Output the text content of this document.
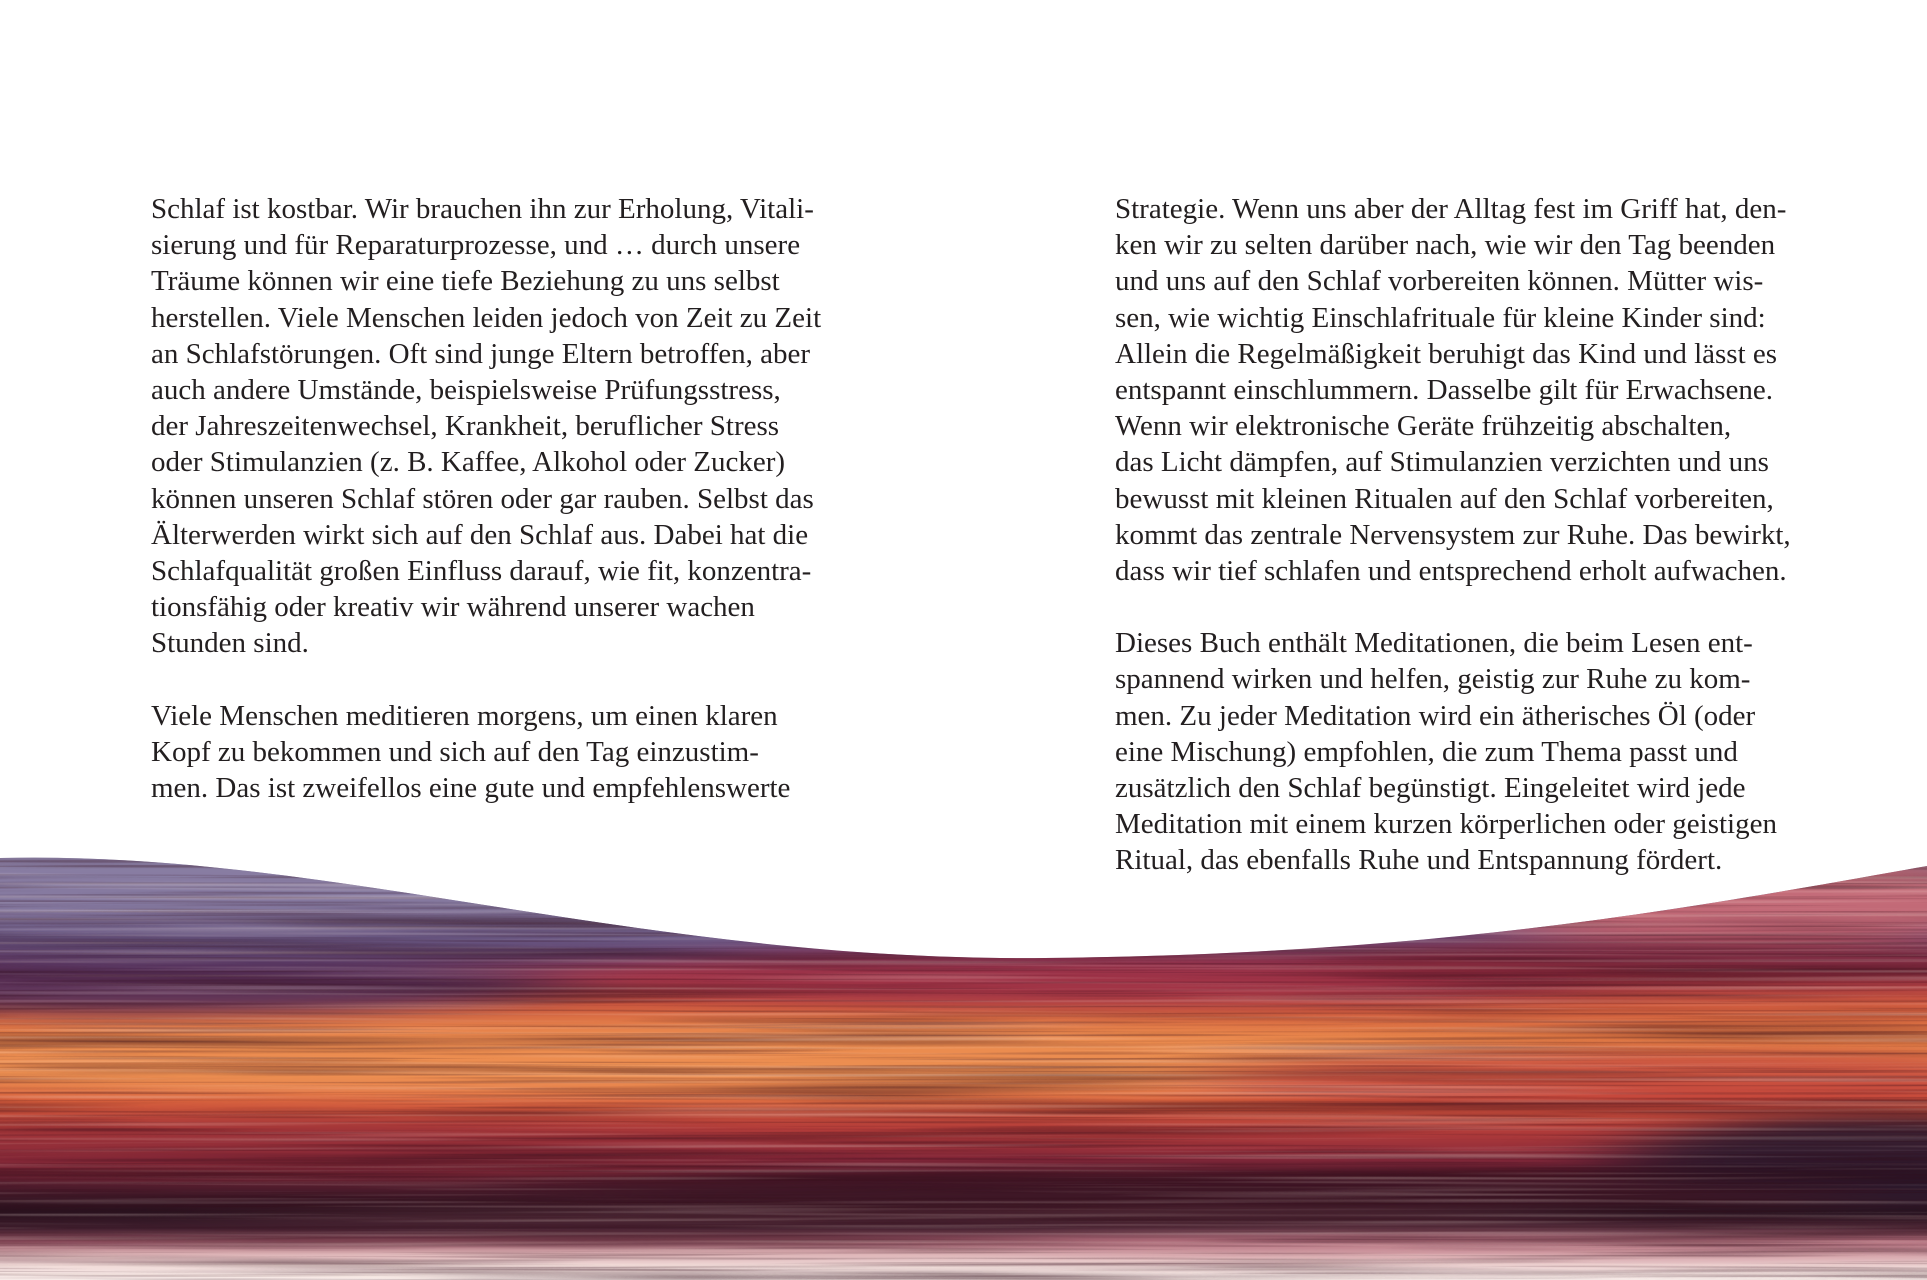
Schlaf ist kostbar. Wir brauchen ihn zur Erholung, Vitali-
sierung und für Reparaturprozesse, und … durch unsere
Träume können wir eine tiefe Beziehung zu uns selbst
herstellen. Viele Menschen leiden jedoch von Zeit zu Zeit
an Schlafstörungen. Oft sind junge Eltern betroffen, aber
auch andere Umstände, beispielsweise Prüfungsstress,
der Jahreszeitenwechsel, Krankheit, beruflicher Stress
oder Stimulanzien (z. B. Kaffee, Alkohol oder Zucker)
können unseren Schlaf stören oder gar rauben. Selbst das
Älterwerden wirkt sich auf den Schlaf aus. Dabei hat die
Schlafqualität großen Einfluss darauf, wie fit, konzentra-
tionsfähig oder kreativ wir während unserer wachen
Stunden sind.
Viele Menschen meditieren morgens, um einen klaren
Kopf zu bekommen und sich auf den Tag einzustim-
men. Das ist zweifellos eine gute und empfehlenswerte
Strategie. Wenn uns aber der Alltag fest im Griff hat, den-
ken wir zu selten darüber nach, wie wir den Tag beenden
und uns auf den Schlaf vorbereiten können. Mütter wis-
sen, wie wichtig Einschlafrituale für kleine Kinder sind:
Allein die Regelmäßigkeit beruhigt das Kind und lässt es
entspannt einschlummern. Dasselbe gilt für Erwachsene.
Wenn wir elektronische Geräte frühzeitig abschalten,
das Licht dämpfen, auf Stimulanzien verzichten und uns
bewusst mit kleinen Ritualen auf den Schlaf vorbereiten,
kommt das zentrale Nervensystem zur Ruhe. Das bewirkt,
dass wir tief schlafen und entsprechend erholt aufwachen.
Dieses Buch enthält Meditationen, die beim Lesen ent-
spannend wirken und helfen, geistig zur Ruhe zu kom-
men. Zu jeder Meditation wird ein ätherisches Öl (oder
eine Mischung) empfohlen, die zum Thema passt und
zusätzlich den Schlaf begünstigt. Eingeleitet wird jede
Meditation mit einem kurzen körperlichen oder geistigen
Ritual, das ebenfalls Ruhe und Entspannung fördert.
